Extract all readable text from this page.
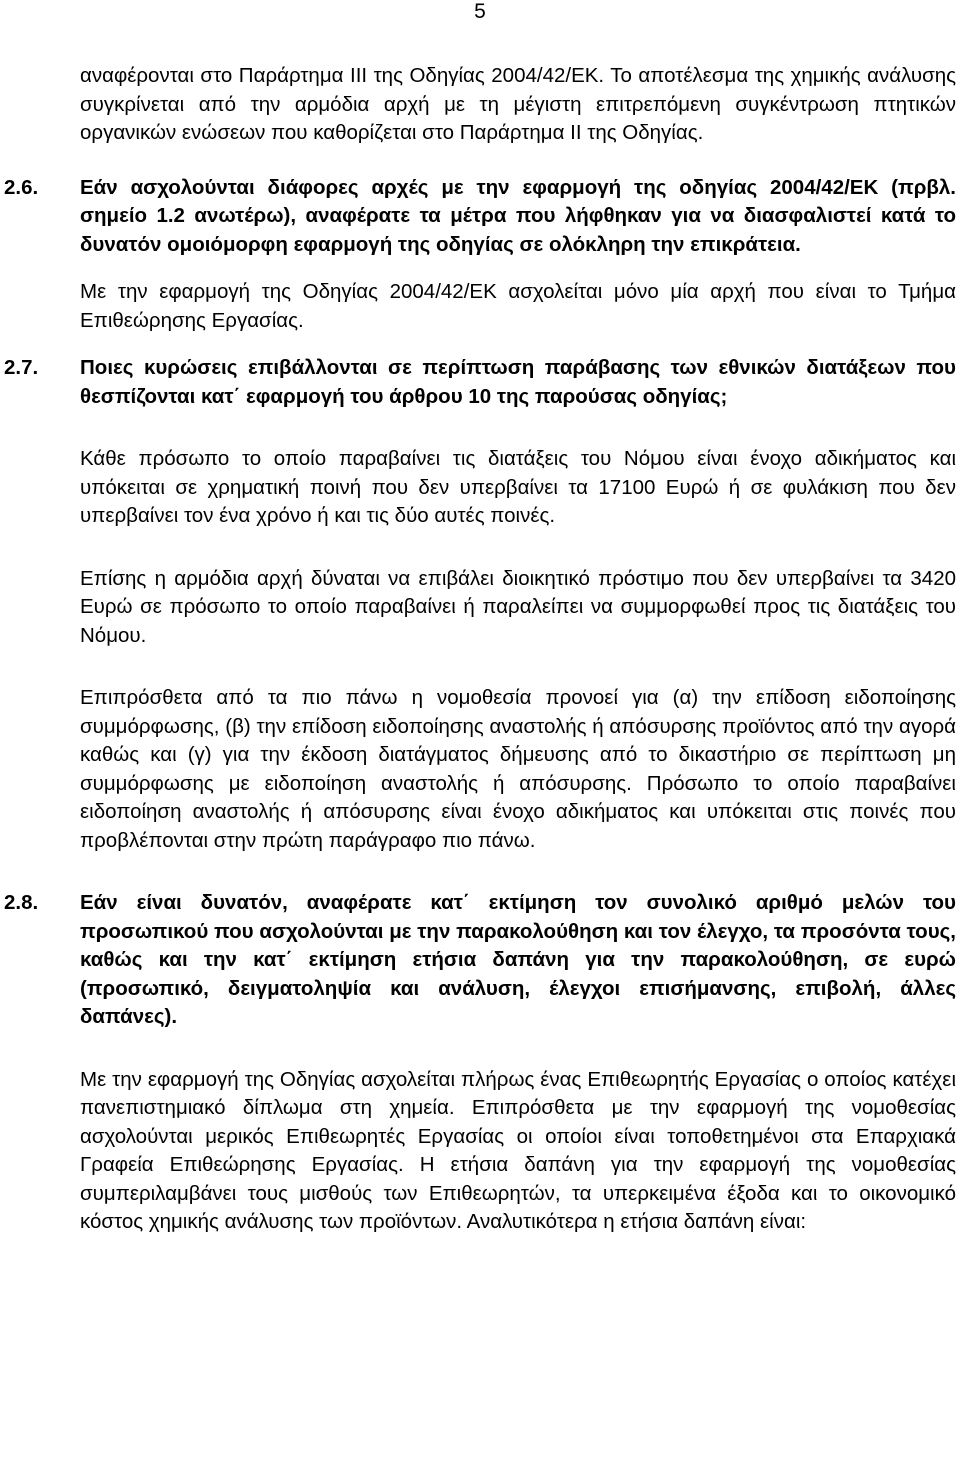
5

αναφέρονται στο Παράρτημα ΙΙΙ της Οδηγίας 2004/42/ΕΚ. Το αποτέλεσμα της χημικής ανάλυσης συγκρίνεται από την αρμόδια αρχή με τη μέγιστη επιτρεπόμενη συγκέντρωση πτητικών οργανικών ενώσεων που καθορίζεται στο Παράρτημα ΙΙ της Οδηγίας.

2.6. Εάν ασχολούνται διάφορες αρχές με την εφαρμογή της οδηγίας 2004/42/ΕΚ (πρβλ. σημείο 1.2 ανωτέρω), αναφέρατε τα μέτρα που λήφθηκαν για να διασφαλιστεί κατά το δυνατόν ομοιόμορφη εφαρμογή της οδηγίας σε ολόκληρη την επικράτεια.

Με την εφαρμογή της Οδηγίας 2004/42/ΕΚ ασχολείται μόνο μία αρχή που είναι το Τμήμα Επιθεώρησης Εργασίας.

2.7. Ποιες κυρώσεις επιβάλλονται σε περίπτωση παράβασης των εθνικών διατάξεων που θεσπίζονται κατ΄ εφαρμογή του άρθρου 10 της παρούσας οδηγίας;

Κάθε πρόσωπο το οποίο παραβαίνει τις διατάξεις του Νόμου είναι ένοχο αδικήματος και υπόκειται σε χρηματική ποινή που δεν υπερβαίνει τα 17100 Ευρώ ή σε φυλάκιση που δεν υπερβαίνει τον ένα χρόνο ή και τις δύο αυτές ποινές.

Επίσης η αρμόδια αρχή δύναται να επιβάλει διοικητικό πρόστιμο που δεν υπερβαίνει τα 3420 Ευρώ σε πρόσωπο το οποίο παραβαίνει ή παραλείπει να συμμορφωθεί προς τις διατάξεις του Νόμου.

Επιπρόσθετα από τα πιο πάνω η νομοθεσία προνοεί για (α) την επίδοση ειδοποίησης συμμόρφωσης, (β) την επίδοση ειδοποίησης αναστολής ή απόσυρσης προϊόντος από την αγορά καθώς και (γ) για την έκδοση διατάγματος δήμευσης από το δικαστήριο σε περίπτωση μη συμμόρφωσης με ειδοποίηση αναστολής ή απόσυρσης. Πρόσωπο το οποίο παραβαίνει ειδοποίηση αναστολής ή απόσυρσης είναι ένοχο αδικήματος και υπόκειται στις ποινές που προβλέπονται στην πρώτη παράγραφο πιο πάνω.

2.8. Εάν είναι δυνατόν, αναφέρατε κατ΄ εκτίμηση τον συνολικό αριθμό μελών του προσωπικού που ασχολούνται με την παρακολούθηση και τον έλεγχο, τα προσόντα τους, καθώς και την κατ΄ εκτίμηση ετήσια δαπάνη για την παρακολούθηση, σε ευρώ (προσωπικό, δειγματοληψία και ανάλυση, έλεγχοι επισήμανσης, επιβολή, άλλες δαπάνες).

Με την εφαρμογή της Οδηγίας ασχολείται πλήρως ένας Επιθεωρητής Εργασίας ο οποίος κατέχει πανεπιστημιακό δίπλωμα στη χημεία. Επιπρόσθετα με την εφαρμογή της νομοθεσίας ασχολούνται μερικός Επιθεωρητές Εργασίας οι οποίοι είναι τοποθετημένοι στα Επαρχιακά Γραφεία Επιθεώρησης Εργασίας. Η ετήσια δαπάνη για την εφαρμογή της νομοθεσίας συμπεριλαμβάνει τους μισθούς των Επιθεωρητών, τα υπερκειμένα έξοδα και το οικονομικό κόστος χημικής ανάλυσης των προϊόντων. Αναλυτικότερα η ετήσια δαπάνη είναι:
